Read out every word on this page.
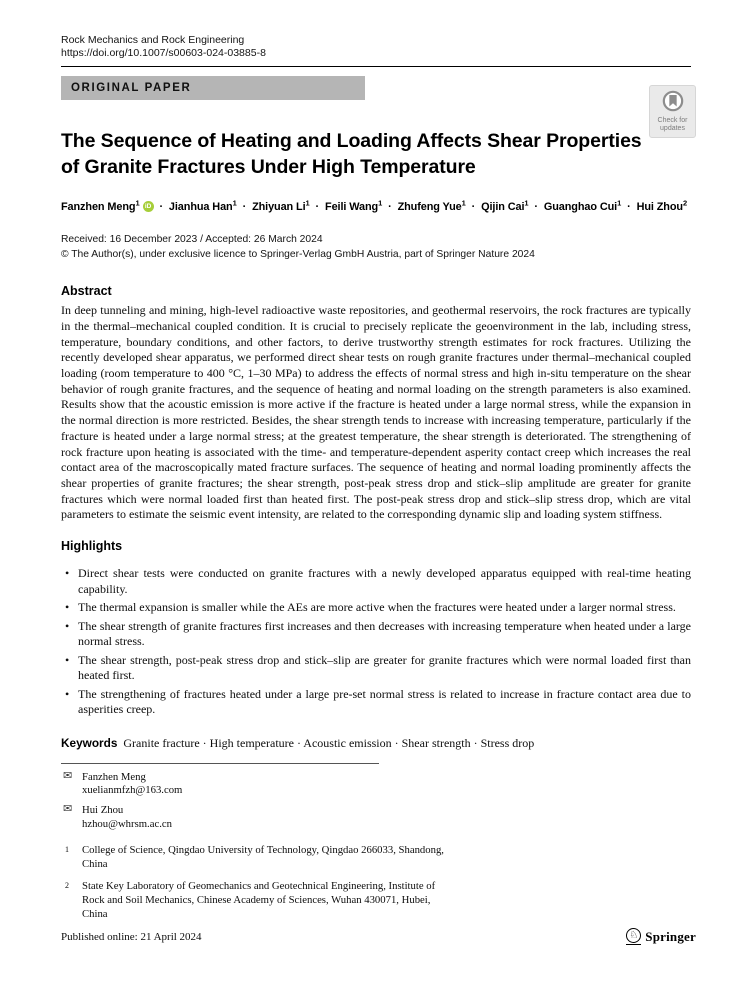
Rock Mechanics and Rock Engineering
https://doi.org/10.1007/s00603-024-03885-8
ORIGINAL PAPER
Check for
updates
The Sequence of Heating and Loading Affects Shear Properties
of Granite Fractures Under High Temperature
Fanzhen Meng$^1$ iD · Jianhua Han$^1$ · Zhiyuan $Li^1$ · Feili Wang$^1$ · Zhufeng Yue$^1$ · Qijin Cai$^1$ · Guanghao Cui$^1$ · Hui Zhou$^2$
Received: 16 December 2023 / Accepted: 26 March 2024
© The Author(s), under exclusive licence to Springer-Verlag GmbH Austria, part of Springer Nature 2024
Abstract

In deep tunneling and mining, high-level radioactive waste repositories, and geothermal reservoirs, the rock fractures are typically in the thermal–mechanical coupled condition. It is crucial to precisely replicate the geoenvironment in the lab, including stress, temperature, boundary conditions, and other factors, to derive trustworthy strength estimates for rock fractures. Utilizing the recently developed shear apparatus, we performed direct shear tests on rough granite fractures under thermal–mechanical coupled loading (room temperature to 400 °C, 1–30 MPa) to address the effects of normal stress and high in-situ temperature on the shear behavior of rough granite fractures, and the sequence of heating and normal loading on the strength parameters is also examined. Results show that the acoustic emission is more active if the fracture is heated under a large normal stress, while the expansion in the normal direction is more restricted. Besides, the shear strength tends to increase with increasing temperature, particularly if the fracture is heated under a large normal stress; at the greatest temperature, the shear strength is deteriorated. The strengthening of rock fracture upon heating is associated with the time- and temperature-dependent asperity contact creep which increases the real contact area of the macroscopically mated fracture surfaces. The sequence of heating and normal loading prominently affects the shear properties of granite fractures; the shear strength, post-peak stress drop and stick–slip amplitude are greater for granite fractures which were normal loaded first than heated first. The post-peak stress drop and stick–slip stress drop, which are vital parameters to estimate the seismic event intensity, are related to the corresponding dynamic slip and loading system stiffness.

Highlights
• Direct shear tests were conducted on granite fractures with a newly developed apparatus equipped with real-time heating capability.
• The thermal expansion is smaller while the AEs are more active when the fractures were heated under a larger normal stress.
• The shear strength of granite fractures first increases and then decreases with increasing temperature when heated under a large normal stress.
• The shear strength, post-peak stress drop and stick–slip are greater for granite fractures which were normal loaded first than heated first.
• The strengthening of fractures heated under a large pre-set normal stress is related to increase in fracture contact area due to asperities creep.
Keywords Granite fracture · High temperature · Acoustic emission · Shear strength · Stress drop
✉ Fanzhen Meng
xuelianmfzh@163.com
✉ Hui Zhou
hzhou@whrsm.ac.cn
1 College of Science, Qingdao University of Technology, Qingdao 266033, Shandong, China
2 State Key Laboratory of Geomechanics and Geotechnical Engineering, Institute of Rock and Soil Mechanics, Chinese Academy of Sciences, Wuhan 430071, Hubei, China
Published online: 21 April 2024	♘ Springer
